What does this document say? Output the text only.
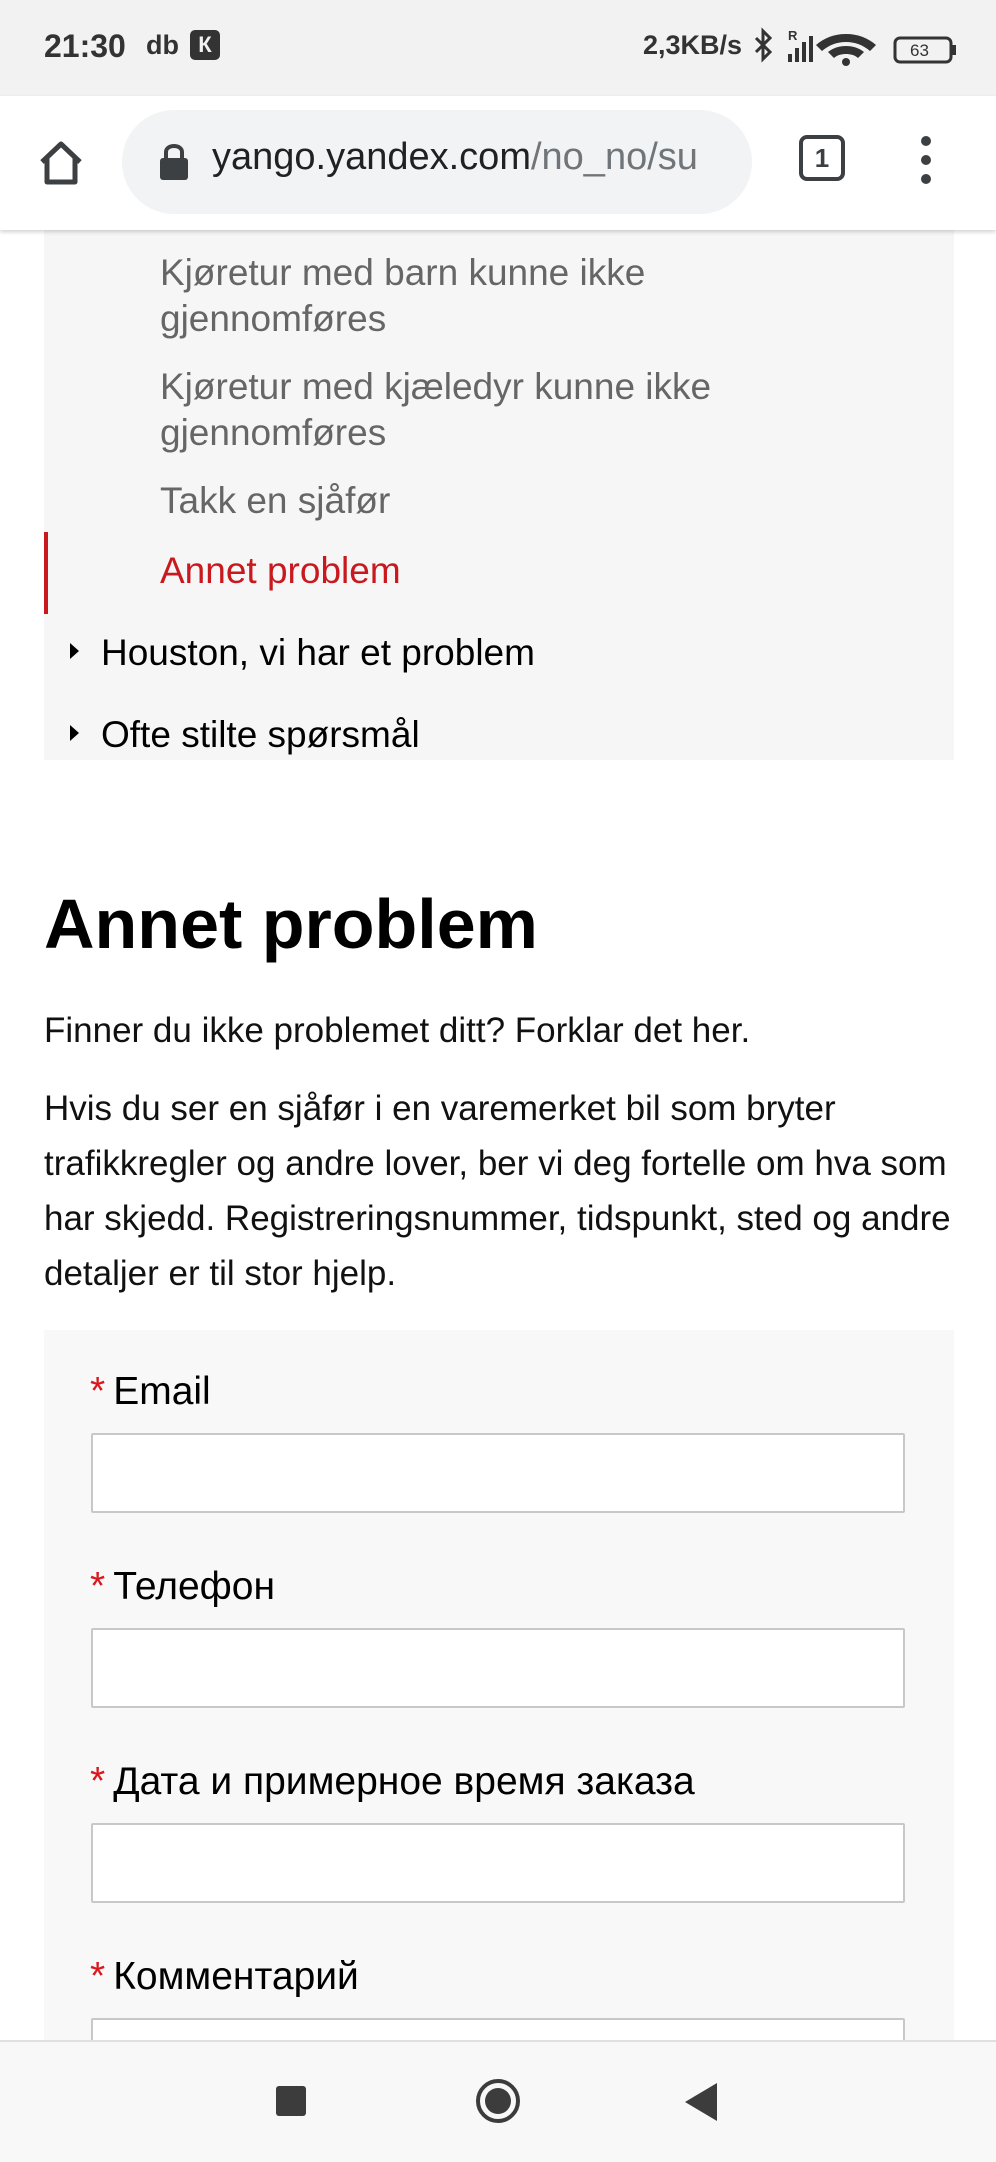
21:30 db К	2,3KB/s	R
63
yango.yandex.com/no_no/su	1
Kjøretur med barn kunne ikke gjennomføres
Kjøretur med kjæledyr kunne ikke gjennomføres
Takk en sjåfør
Annet problem
Houston, vi har et problem
Ofte stilte spørsmål
Annet problem

Finner du ikke problemet ditt? Forklar det her.

Hvis du ser en sjåfør i en varemerket bil som bryter trafikkregler og andre lover, ber vi deg fortelle om hva som har skjedd. Registreringsnummer, tidspunkt, sted og andre detaljer er til stor hjelp.

* Email
* Телефон
* Дата и примерное время заказа
* Комментарий
